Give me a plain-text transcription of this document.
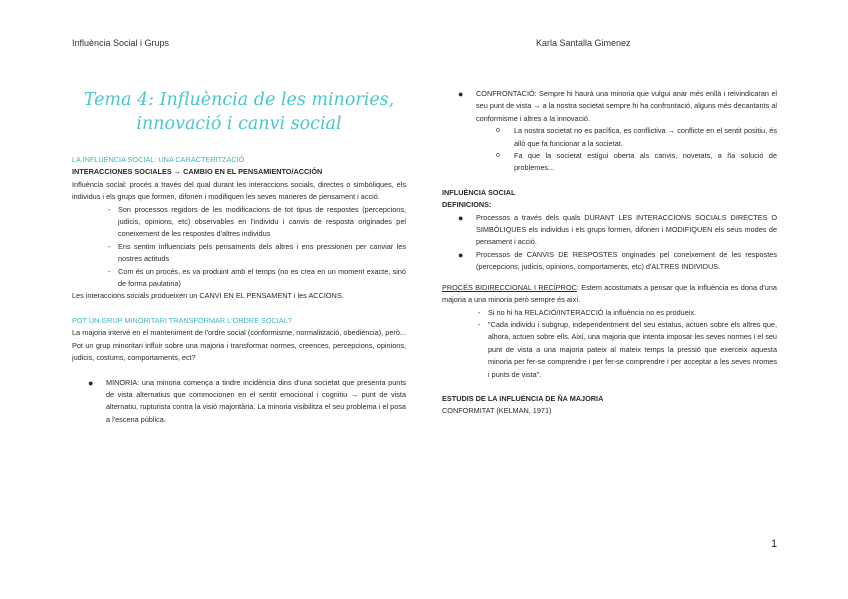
Influència Social i Grups	Karla Santalla Gimenez
Tema 4: Influència de les minories,
innovació i canvi social

LA INFLUENCIA SOCIAL: UNA CARACTERITZACIÓ

INTERACCIONES SOCIALES → CAMBIO EN EL PENSAMIENTO/ACCIÓN

Influència social: procés a través del qual durant les interaccions socials, directes o simbòliques, els individus i els grups que formen, difonen i modifiquen les seves maneres de pensament i acció.

- Son processos regidors de les modificacions de tot tipus de respostes (percepcions, judicis, opinions, etc) observables en l'individu i canvis de resposta originades pel coneixement de les respostes d'altres individus
- Ens sentim influenciats pels pensaments dels altres i ens pressionen per canviar les nostres actituds
- Com és un procés, es va produint amb el temps (no es crea en un moment exacte, sinó de forma paulatina)

Les interaccions socials produeixen un CANVI EN EL PENSAMENT i les ACCIONS.

POT UN GRUP MINORITARI TRANSFORMAR L'ORDRE SOCIAL?

La majoria intervé en el manteniment de l'ordre social (conformisme, normalització, obediència), però... Pot un grup minoritari influir sobre una majoria i transformar normes, creences, percepcions, opinions, judicis, costums, comportaments, ect?

● MINORIA: una minoria comença a tindre incidència dins d'una societat que presenta punts de vista alternatius que commocionen en el sentit emocional i cognitiu → punt de vista alternatiu, rupturista contra la visió majoritària. La minoria visibilitza el seu problema i el posa a l'escena pública.
● CONFRONTACIÓ: Sempre hi haurà una minoria que vulgui anar més enllà i reivindicaran el seu punt de vista → a la nostra societat sempre hi ha confrontació, alguns més decantants al conformisme i altres a la innovació.
o La nostra societat no es pacífica, es conflictiva → conflicte en el sentit positiu, és allò que fa funcionar a la societat.
o Fa que la societat estigui oberta als canvis, novetats, a ña solució de problemes...

INFLUÈNCIA SOCIAL

DEFINICIONS:

● Processos a través dels quals DURANT LES INTERACCIONS SOCIALS DIRECTES O SIMBÒLIQUES els individus i els grups formen, difonen i MODIFIQUEN els seus modes de pensament i acció.
● Processos de CANVIS DE RESPOSTES originades pel coneixement de les respostes (percepcions, judicis, opinions, comportaments, etc) d'ALTRES INDIVIDUS.

PROCÉS BIDIRECCIONAL I RECÍPROC: Estem acostumats a pensar que la influència es dona d'una majoria a una minoria però sempre és així.

- Si no hi ha RELACIÓ/INTERACCIÓ la influència no es produeix.
- "Cada individu i subgrup, independentment del seu estatus, actuen sobre els altres que, alhora, actuen sobre ells. Així, una majoria que intenta imposar les seves normes i el seu punt de vista a una majoria pateix al mateix temps la pressió que exerceix aquesta minoria per fer-se comprendre i per fer-se comprendre i per acceptar a les seves nromes i punts de vista".

ESTUDIS DE LA INFLUÈNCIA DE ÑA MAJORIA

CONFORMITAT (KELMAN, 1971)

1
